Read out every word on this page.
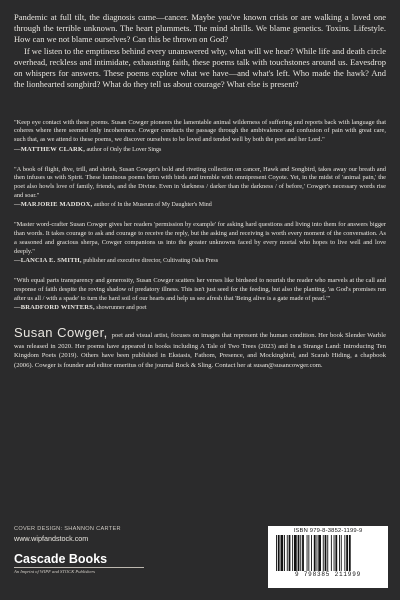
Pandemic at full tilt, the diagnosis came—cancer. Maybe you've known crisis or are walking a loved one through the terrible unknown. The heart plummets. The mind shrills. We blame genetics. Toxins. Lifestyle. How can we not blame ourselves? Can this be thrown on God?

If we listen to the emptiness behind every unanswered why, what will we hear? While life and death circle overhead, reckless and intimidate, exhausting faith, these poems talk with touchstones around us. Eavesdrop on whispers for answers. These poems explore what we have—and what's left. Who made the hawk? And the lionhearted songbird? What do they tell us about courage? What else is present?

"Keep eye contact with these poems. Susan Cowger pioneers the lamentable animal wilderness of suffering and reports back with language that coheres where there seemed only incoherence. Cowger conducts the passage through the ambivalence and confusion of pain with great care, such that, as we attend to these poems, we discover ourselves to be loved and tended well by both the poet and her Lord."
—MATTHEW CLARK, author of Only the Lover Sings
"A book of flight, dive, trill, and shriek, Susan Cowger's bold and riveting collection on cancer, Hawk and Songbird, takes away our breath and then infuses us with Spirit. These luminous poems brim with birds and tremble with omnipresent Coyote. Yet, in the midst of 'animal pain,' the poet also howls love of family, friends, and the Divine. Even in 'darkness / darker than the darkness / of before,' Cowger's necessary words rise and soar."
—MARJORIE MADDOX, author of In the Museum of My Daughter's Mind
"Master word-crafter Susan Cowger gives her readers 'permission by example' for asking hard questions and living into them for answers bigger than words. It takes courage to ask and courage to receive the reply, but the asking and receiving is worth every moment of the conversation. As a seasoned and gracious sherpa, Cowger companions us into the greater unknowns faced by every mortal who hopes to live well and love deeply."
—LANCIA E. SMITH, publisher and executive director, Cultivating Oaks Press
"With equal parts transparency and generosity, Susan Cowger scatters her verses like birdseed to nourish the reader who marvels at the call and response of faith despite the roving shadow of predatory illness. This isn't just seed for the feeding, but also the planting, 'as God's promises run after us all / with a spade' to turn the hard soil of our hearts and help us see afresh that 'Being alive is a gate made of pearl.'"
—BRADFORD WINTERS, showrunner and poet
Susan Cowger, poet and visual artist, focuses on images that represent the human condition. Her book Slender Warble was released in 2020. Her poems have appeared in books including A Tale of Two Trees (2023) and In a Strange Land: Introducing Ten Kingdom Poets (2019). Others have been published in Ekstasis, Fathom, Presence, and Mockingbird, and Scarab Hiding, a chapbook (2006). Cowger is founder and editor emeritus of the journal Rock & Sling. Contact her at susan@susancowger.com.
COVER DESIGN: SHANNON CARTER
www.wipfandstock.com
Cascade Books
An Imprint of WIPF and STOCK Publishers
ISBN 979-8-3852-1199-9
9 798385 211999
